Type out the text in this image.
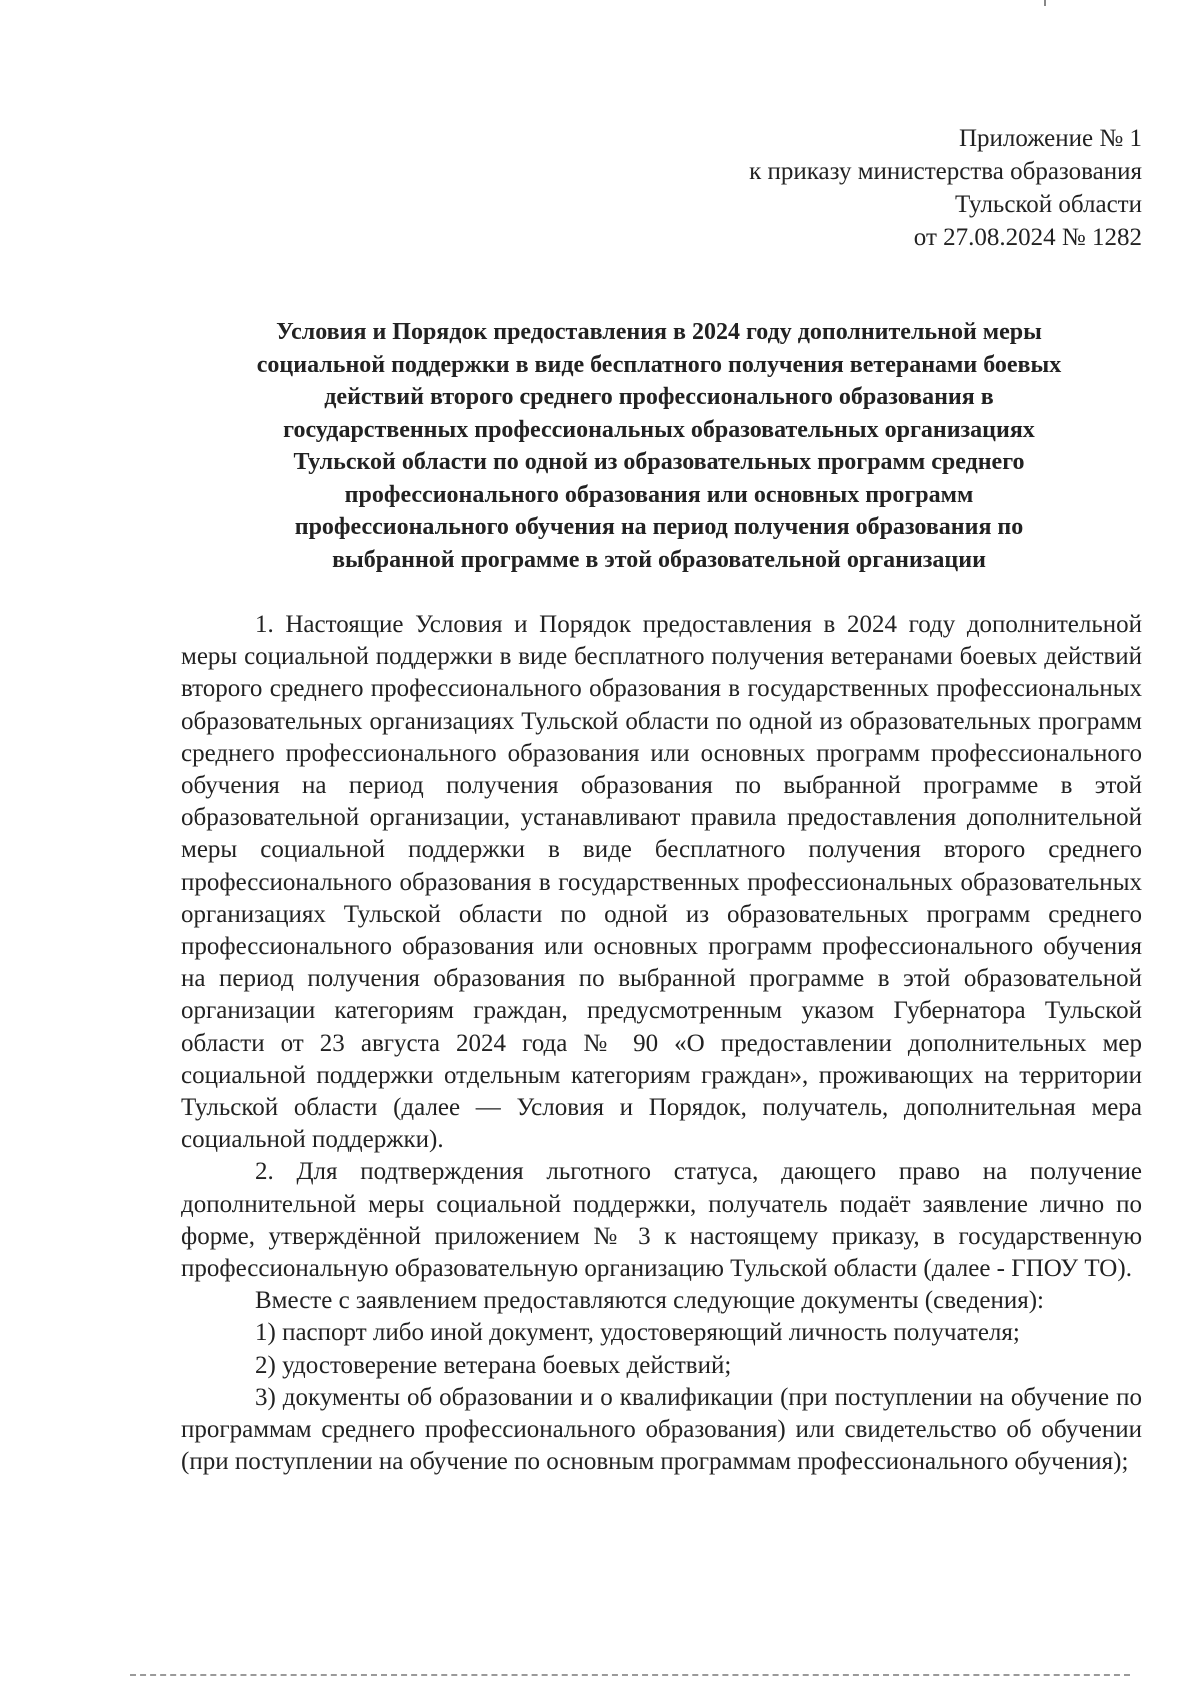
Приложение № 1
к приказу министерства образования
Тульской области
от 27.08.2024 № 1282
Условия и Порядок предоставления в 2024 году дополнительной меры
социальной поддержки в виде бесплатного получения ветеранами боевых
действий второго среднего профессионального образования в
государственных профессиональных образовательных организациях
Тульской области по одной из образовательных программ среднего
профессионального образования или основных программ
профессионального обучения на период получения образования по
выбранной программе в этой образовательной организации

1. Настоящие Условия и Порядок предоставления в 2024 году дополнительной меры социальной поддержки в виде бесплатного получения ветеранами боевых действий второго среднего профессионального образования в государственных профессиональных образовательных организациях Тульской области по одной из образовательных программ среднего профессионального образования или основных программ профессионального обучения на период получения образования по выбранной программе в этой образовательной организации, устанавливают правила предоставления дополнительной меры социальной поддержки в виде бесплатного получения второго среднего профессионального образования в государственных профессиональных образовательных организациях Тульской области по одной из образовательных программ среднего профессионального образования или основных программ профессионального обучения на период получения образования по выбранной программе в этой образовательной организации категориям граждан, предусмотренным указом Губернатора Тульской области от 23 августа 2024 года № 90 «О предоставлении дополнительных мер социальной поддержки отдельным категориям граждан», проживающих на территории Тульской области (далее — Условия и Порядок, получатель, дополнительная мера социальной поддержки).

2. Для подтверждения льготного статуса, дающего право на получение дополнительной меры социальной поддержки, получатель подаёт заявление лично по форме, утверждённой приложением № 3 к настоящему приказу, в государственную профессиональную образовательную организацию Тульской области (далее - ГПОУ ТО).

Вместе с заявлением предоставляются следующие документы (сведения):

1) паспорт либо иной документ, удостоверяющий личность получателя;

2) удостоверение ветерана боевых действий;

3) документы об образовании и о квалификации (при поступлении на обучение по программам среднего профессионального образования) или свидетельство об обучении (при поступлении на обучение по основным программам профессионального обучения);
